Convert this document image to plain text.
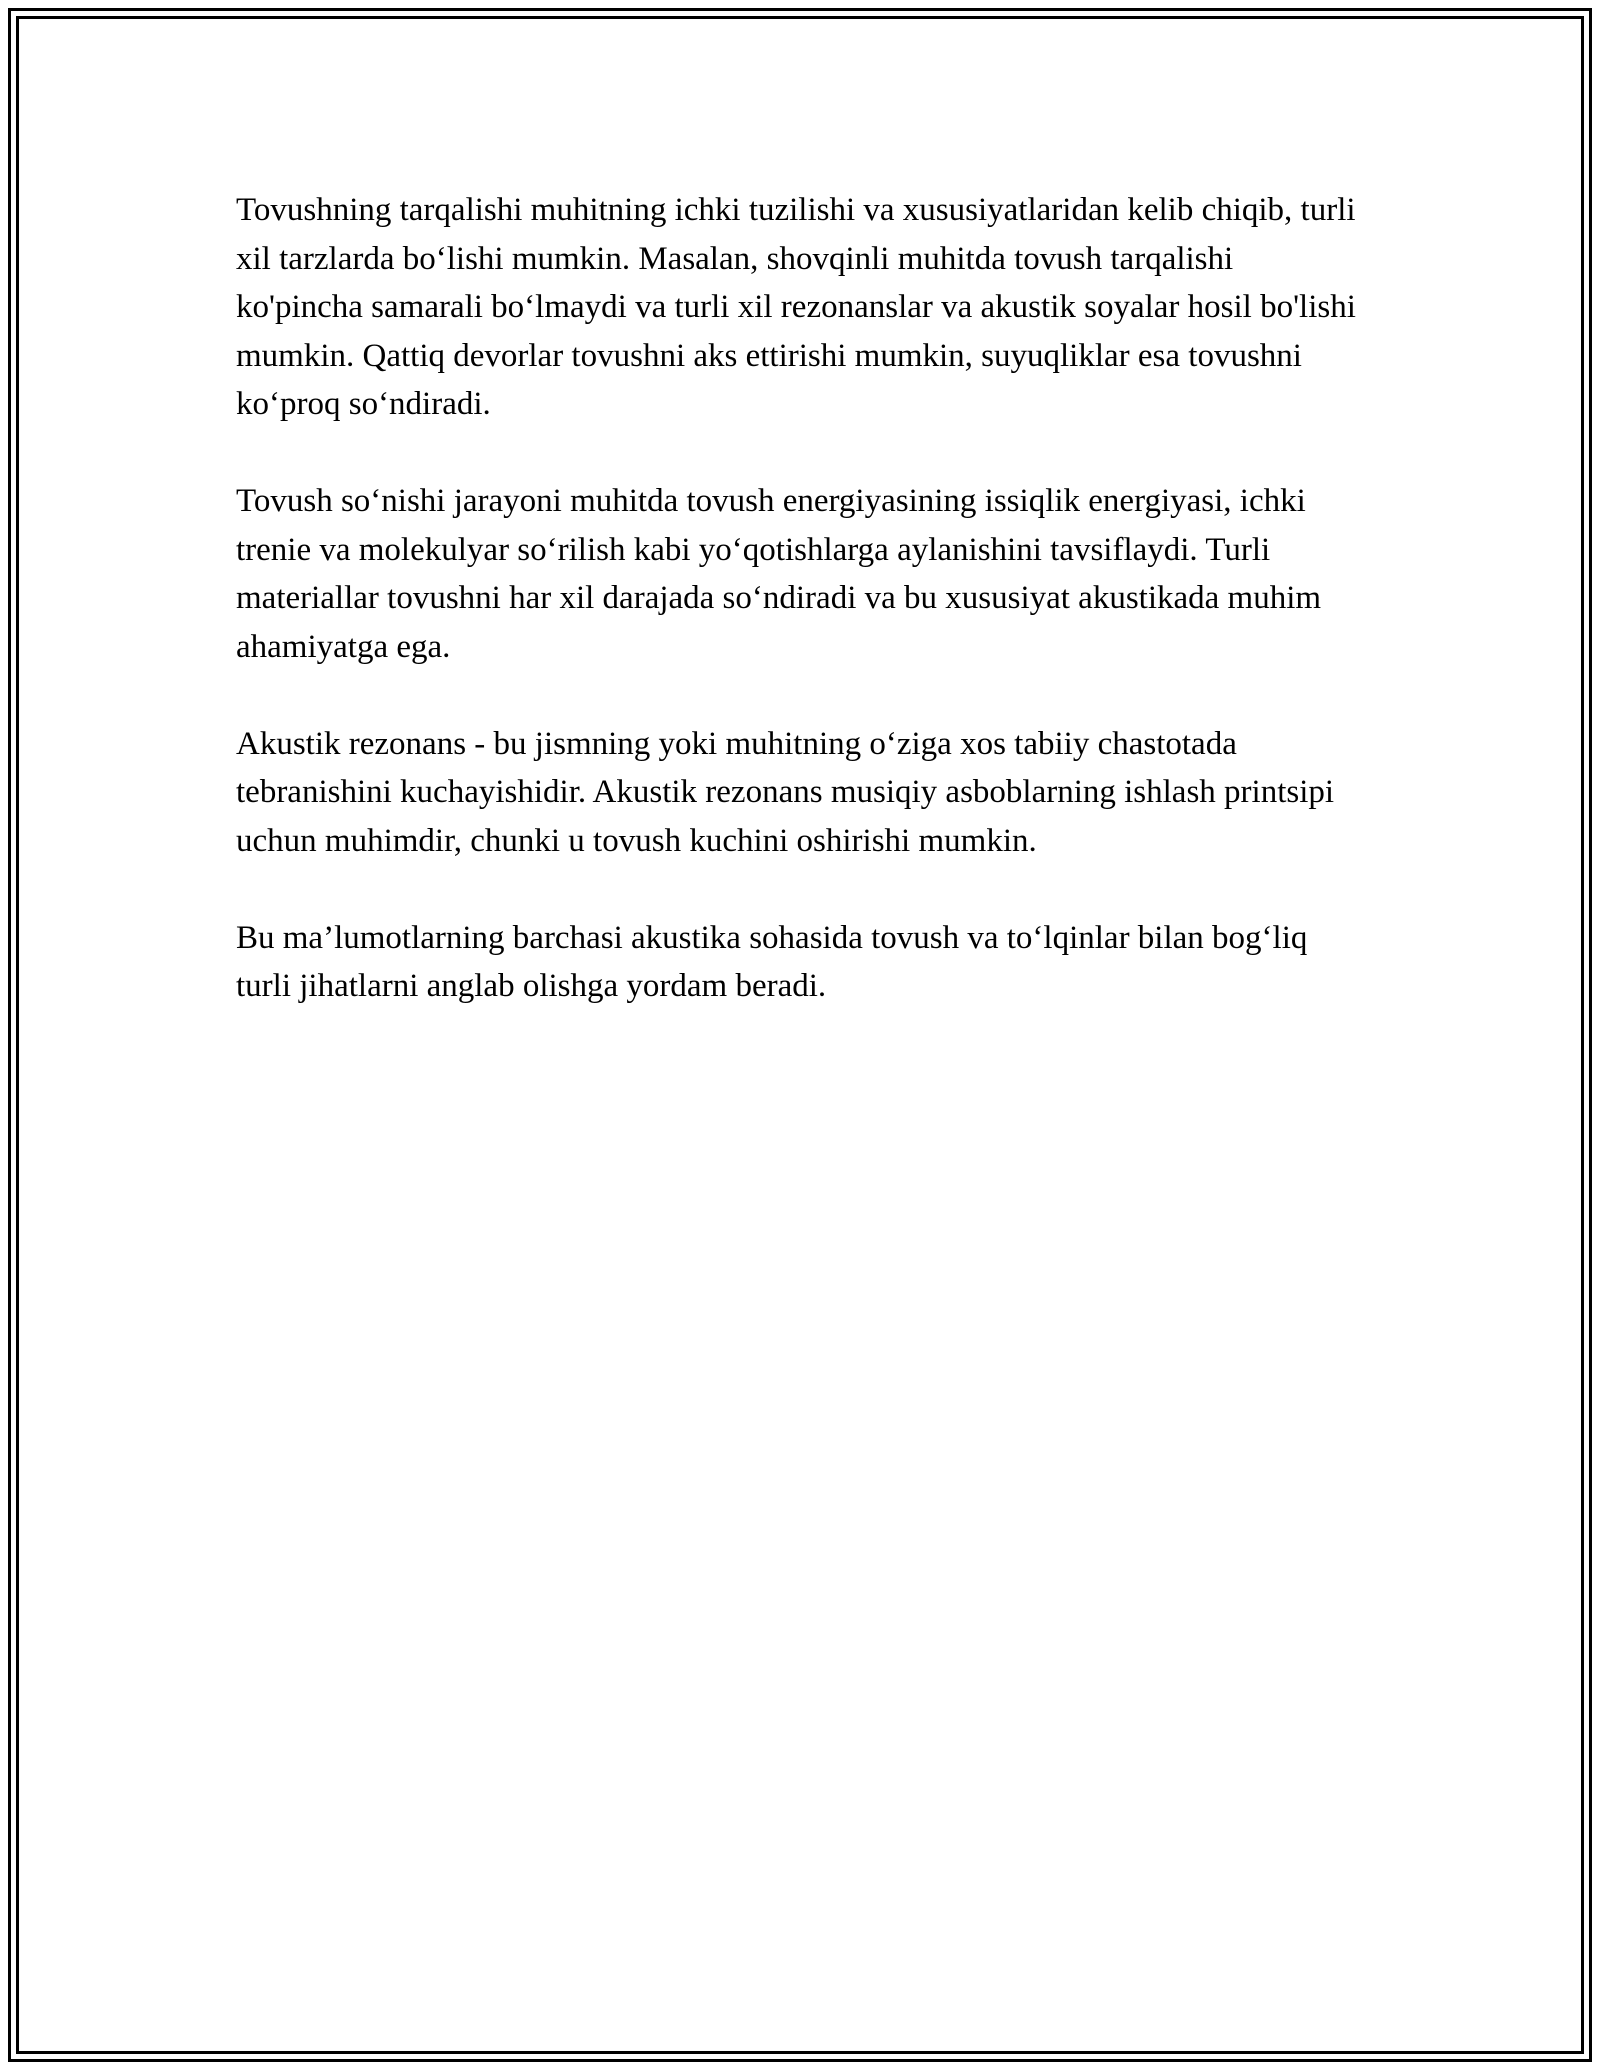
Tovushning tarqalishi muhitning ichki tuzilishi va xususiyatlaridan kelib chiqib, turli xil tarzlarda bo‘lishi mumkin. Masalan, shovqinli muhitda tovush tarqalishi ko'pincha samarali bo‘lmaydi va turli xil rezonanslar va akustik soyalar hosil bo'lishi mumkin. Qattiq devorlar tovushni aks ettirishi mumkin, suyuqliklar esa tovushni ko‘proq so‘ndiradi.

Tovush so‘nishi jarayoni muhitda tovush energiyasining issiqlik energiyasi, ichki trenie va molekulyar so‘rilish kabi yo‘qotishlarga aylanishini tavsiflaydi. Turli materiallar tovushni har xil darajada so‘ndiradi va bu xususiyat akustikada muhim ahamiyatga ega.

Akustik rezonans - bu jismning yoki muhitning o‘ziga xos tabiiy chastotada tebranishini kuchayishidir. Akustik rezonans musiqiy asboblarning ishlash printsipi uchun muhimdir, chunki u tovush kuchini oshirishi mumkin.

Bu ma’lumotlarning barchasi akustika sohasida tovush va to‘lqinlar bilan bog‘liq turli jihatlarni anglab olishga yordam beradi.
